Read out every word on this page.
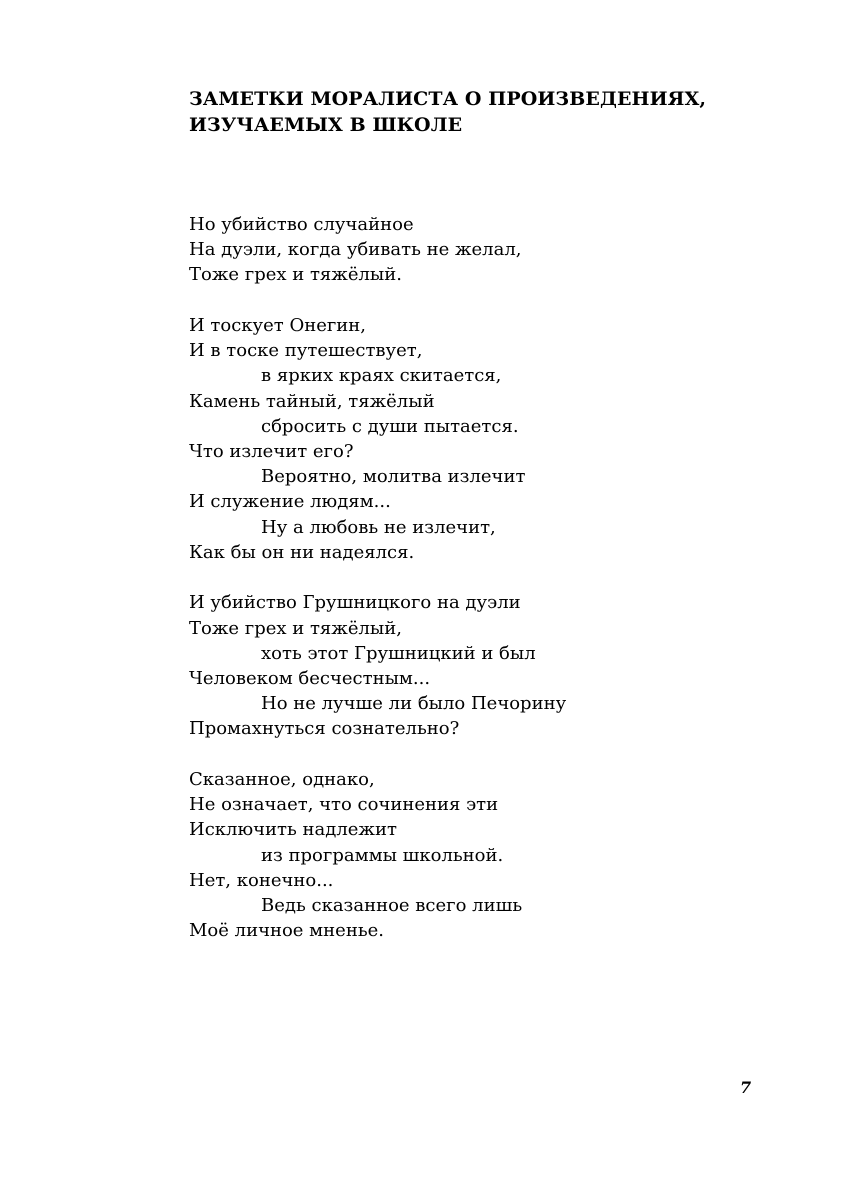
ЗАМЕТКИ МОРАЛИСТА О ПРОИЗВЕДЕНИЯХ,
ИЗУЧАЕМЫХ В ШКОЛЕ
Но убийство случайное
На дуэли, когда убивать не желал,
Тоже грех и тяжёлый.
И тоскует Онегин,
И в тоске путешествует,
в ярких краях скитается,
Камень тайный, тяжёлый
сбросить с души пытается.
Что излечит его?
Вероятно, молитва излечит
И служение людям...
Ну а любовь не излечит,
Как бы он ни надеялся.
И убийство Грушницкого на дуэли
Тоже грех и тяжёлый,
хоть этот Грушницкий и был
Человеком бесчестным...
Но не лучше ли было Печорину
Промахнуться сознательно?
Сказанное, однако,
Не означает, что сочинения эти
Исключить надлежит
из программы школьной.
Нет, конечно...
Ведь сказанное всего лишь
Моё личное мненье.
7
